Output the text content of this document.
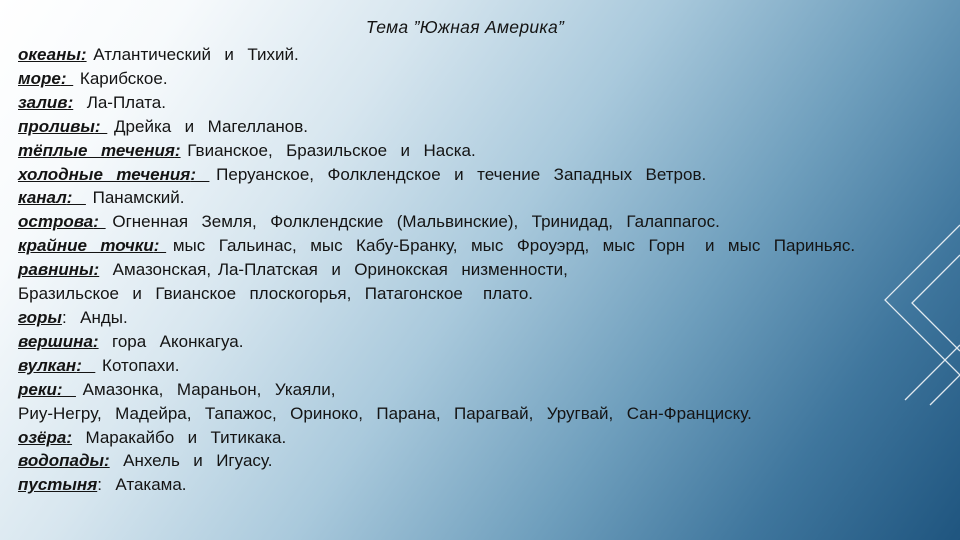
Тема ”Южная Америка”
океаны: Атлантический  и  Тихий.
море:  Карибское.
залив:  Ла-Плата.
проливы:  Дрейка  и  Магелланов.
тёплые  течения: Гвианское,  Бразильское  и  Наска.
холодные  течения:   Перуанское,  Фолклендское  и  течение  Западных  Ветров.
канал:   Панамский.
острова:  Огненная  Земля,  Фолклендские  (Мальвинские),  Тринидад,  Галаппагос.
крайние  точки:  мыс  Гальинас,  мыс  Кабу-Бранку,  мыс  Фроуэрд,  мыс  Горн   и  мыс  Париньяс.
равнины:  Амазонская, Ла-Платская  и  Оринокская  низменности,
Бразильское  и  Гвианское  плоскогорья,  Патагонское   плато.
горы:  Анды.
вершина:  гора  Аконкагуа.
вулкан:   Котопахи.
реки:   Амазонка,  Мараньон,  Укаяли,
Риу-Негру,  Мадейра,  Тапажос,  Ориноко,  Парана,  Парагвай,  Уругвай,  Сан-Франциску.
озёра:  Маракайбо  и  Титикака.
водопады:  Анхель  и  Игуасу.
пустыня:  Атакама.
